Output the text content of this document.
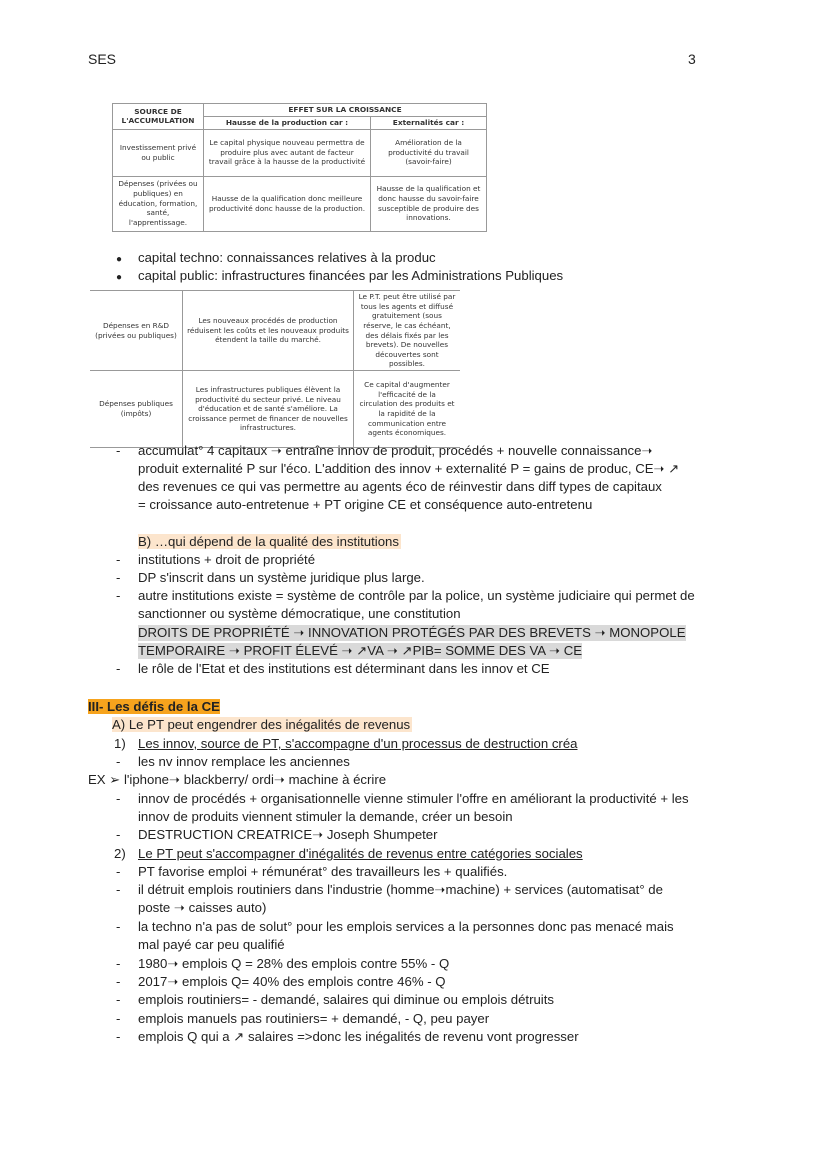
SES	3
SOURCE DE L'ACCUMULATION	EFFET SUR LA CROISSANCE	
	Hausse de la production car :	Externalités car :
Investissement privé ou public	Le capital physique nouveau permettra de produire plus avec autant de facteur travail grâce à la hausse de la productivité	Amélioration de la productivité du travail (savoir-faire)
Dépenses (privées ou publiques) en éducation, formation, santé, l'apprentissage.	Hausse de la qualification donc meilleure productivité donc hausse de la production.	Hausse de la qualification et donc hausse du savoir-faire susceptible de produire des innovations.
● capital techno: connaissances relatives à la produc
● capital public: infrastructures financées par les Administrations Publiques
Dépenses en R&D (privées ou publiques)	Les nouveaux procédés de production réduisent les coûts et les nouveaux produits étendent la taille du marché.	Le P.T. peut être utilisé par tous les agents et diffusé gratuitement (sous réserve, le cas échéant, des délais fixés par les brevets). De nouvelles découvertes sont possibles.
Dépenses publiques (impôts)	Les infrastructures publiques élèvent la productivité du secteur privé. Le niveau d'éducation et de santé s'améliore. La croissance permet de financer de nouvelles infrastructures.	Ce capital d'augmenter l'efficacité de la circulation des produits et la rapidité de la communication entre agents économiques.
- accumulat° 4 capitaux ➝ entraîne innov de produit, procédés + nouvelle connaissance➝
produit externalité P sur l'éco. L'addition des innov + externalité P = gains de produc, CE➝ ↗
des revenues ce qui vas permettre au agents éco de réinvestir dans diff types de capitaux
= croissance auto-entretenue + PT origine CE et conséquence auto-entretenu
B) …qui dépend de la qualité des institutions
- institutions + droit de propriété
- DP s'inscrit dans un système juridique plus large.
- autre institutions existe = système de contrôle par la police, un système judiciaire qui permet de
sanctionner ou système démocratique, une constitution
DROITS DE PROPRIÉTÉ ➝ INNOVATION PROTÉGÉS PAR DES BREVETS ➝ MONOPOLE
TEMPORAIRE ➝ PROFIT ÉLEVÉ ➝ ↗VA ➝ ↗PIB= SOMME DES VA ➝ CE
- le rôle de l'Etat et des institutions est déterminant dans les innov et CE
III- Les défis de la CE
A) Le PT peut engendrer des inégalités de revenus
1) Les innov, source de PT, s'accompagne d'un processus de destruction créa
- les nv innov remplace les anciennes
EX ➢ l'iphone➝ blackberry/ ordi➝ machine à écrire
- innov de procédés + organisationnelle vienne stimuler l'offre en améliorant la productivité + les
innov de produits viennent stimuler la demande, créer un besoin
- DESTRUCTION CREATRICE➝ Joseph Shumpeter
2) Le PT peut s'accompagner d'inégalités de revenus entre catégories sociales
- PT favorise emploi + rémunérat° des travailleurs les + qualifiés.
- il détruit emplois routiniers dans l'industrie (homme➝machine) + services (automatisat° de
poste ➝ caisses auto)
- la techno n'a pas de solut° pour les emplois services a la personnes donc pas menacé mais
mal payé car peu qualifié
- 1980➝ emplois Q = 28% des emplois contre 55% - Q
- 2017➝ emplois Q= 40% des emplois contre 46% - Q
- emplois routiniers= - demandé, salaires qui diminue ou emplois détruits
- emplois manuels pas routiniers= + demandé, - Q, peu payer
- emplois Q qui a ↗ salaires =>donc les inégalités de revenu vont progresser
